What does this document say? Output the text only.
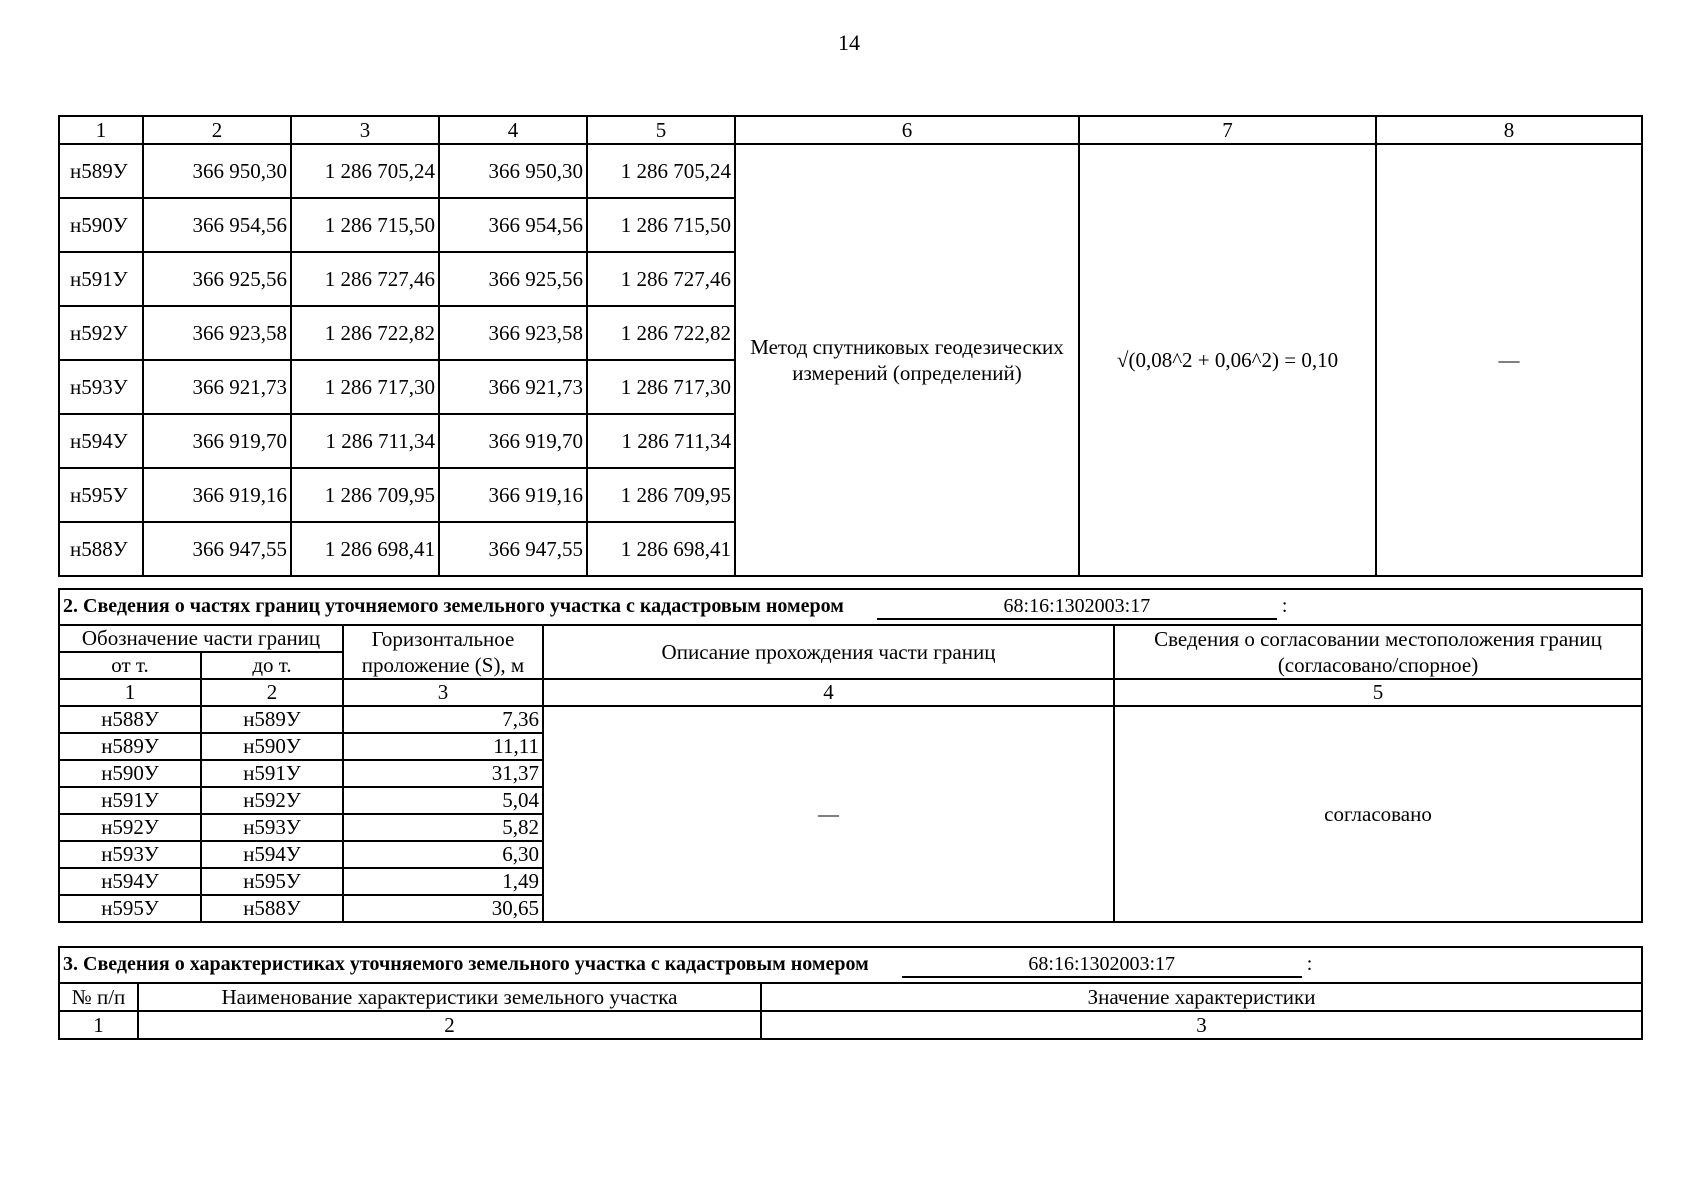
14
1	2	3	4	5	6	7	8
н589У	366 950,30	1 286 705,24	366 950,30	1 286 705,24	Метод спутниковых геодезических измерений (определений)	√(0,08^2 + 0,06^2) = 0,10	—
н590У	366 954,56	1 286 715,50	366 954,56	1 286 715,50			
н591У	366 925,56	1 286 727,46	366 925,56	1 286 727,46			
н592У	366 923,58	1 286 722,82	366 923,58	1 286 722,82			
н593У	366 921,73	1 286 717,30	366 921,73	1 286 717,30			
н594У	366 919,70	1 286 711,34	366 919,70	1 286 711,34			
н595У	366 919,16	1 286 709,95	366 919,16	1 286 709,95			
н588У	366 947,55	1 286 698,41	366 947,55	1 286 698,41			
2. Сведения о частях границ уточняемого земельного участка с кадастровым номером 68:16:1302003:17 :				
Обозначение части границ		Горизонтальное проложение (S), м	Описание прохождения части границ	Сведения о согласовании местоположения границ (согласовано/спорное)
от т.	до т.			
1	2	3	4	5
н588У	н589У	7,36	—	согласовано
н589У	н590У	11,11		
н590У	н591У	31,37		
н591У	н592У	5,04		
н592У	н593У	5,82		
н593У	н594У	6,30		
н594У	н595У	1,49		
н595У	н588У	30,65		
3. Сведения о характеристиках уточняемого земельного участка с кадастровым номером 68:16:1302003:17 :		
№ п/п	Наименование характеристики земельного участка	Значение характеристики
1	2	3
